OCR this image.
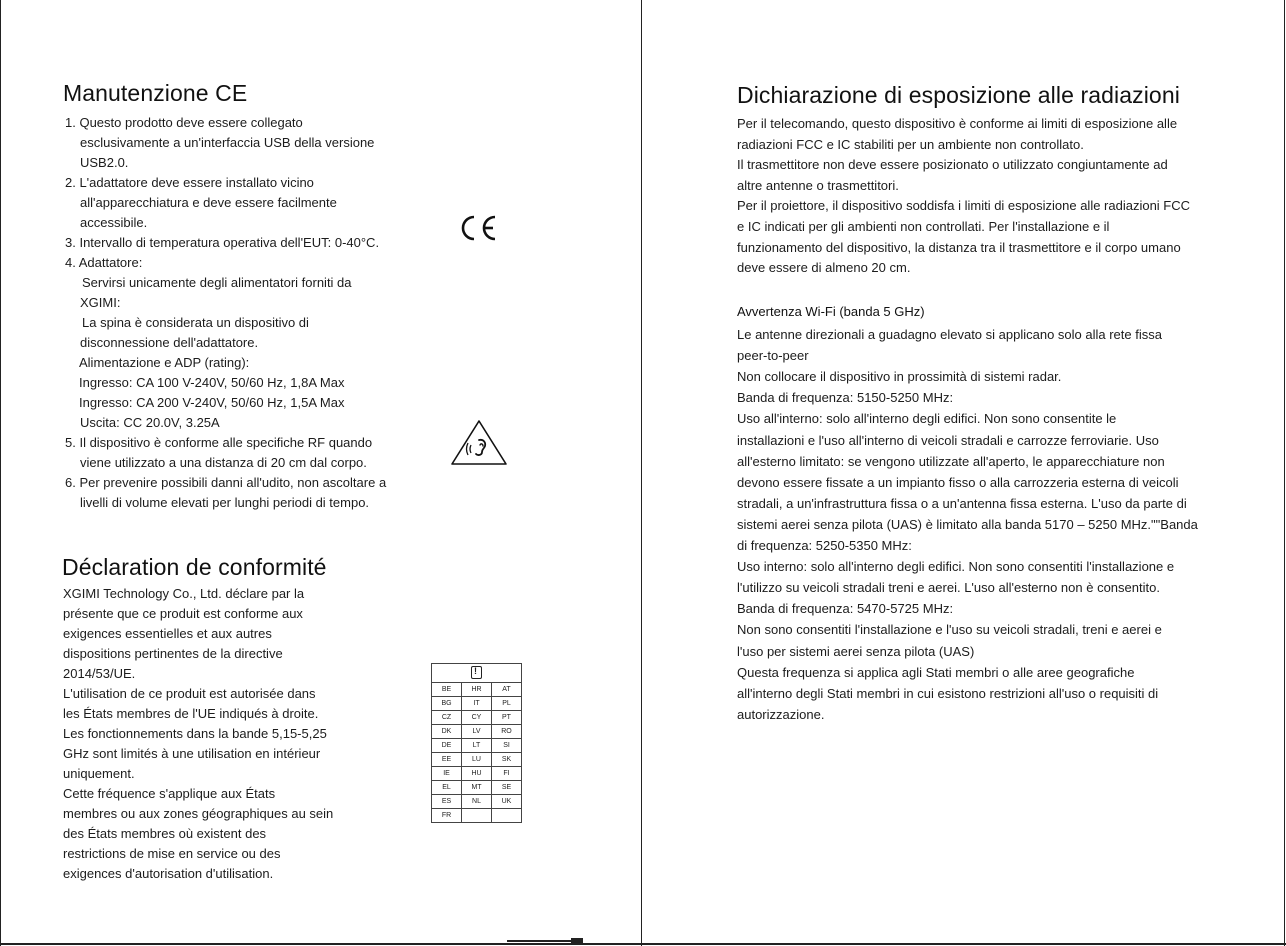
Manutenzione CE
1. Questo prodotto deve essere collegato
esclusivamente a un'interfaccia USB della versione
USB2.0.
2. L'adattatore deve essere installato vicino
all'apparecchiatura e deve essere facilmente
accessibile.
3. Intervallo di temperatura operativa dell'EUT: 0-40°C.
4. Adattatore:
Servirsi unicamente degli alimentatori forniti da
XGIMI:
La spina è considerata un dispositivo di
disconnessione dell'adattatore.
Alimentazione e ADP (rating):
Ingresso: CA 100 V-240V, 50/60 Hz, 1,8A Max
Ingresso: CA 200 V-240V, 50/60 Hz, 1,5A Max
Uscita: CC 20.0V, 3.25A
5. Il dispositivo è conforme alle specifiche RF quando
viene utilizzato a una distanza di 20 cm dal corpo.
6. Per prevenire possibili danni all'udito, non ascoltare a
livelli di volume elevati per lunghi periodi di tempo.
Déclaration de conformité
XGIMI Technology Co., Ltd. déclare par la
présente que ce produit est conforme aux
exigences essentielles et aux autres
dispositions pertinentes de la directive
2014/53/UE.
L'utilisation de ce produit est autorisée dans
les États membres de l'UE indiqués à droite.
Les fonctionnements dans la bande 5,15-5,25
GHz sont limités à une utilisation en intérieur
uniquement.
Cette fréquence s'applique aux États
membres ou aux zones géographiques au sein
des États membres où existent des
restrictions de mise en service ou des
exigences d'autorisation d'utilisation.
!
BE	HR	AT
BG	IT	PL
CZ	CY	PT
DK	LV	RO
DE	LT	SI
EE	LU	SK
IE	HU	FI
EL	MT	SE
ES	NL	UK
FR		
Dichiarazione di esposizione alle radiazioni
Per il telecomando, questo dispositivo è conforme ai limiti di esposizione alle
radiazioni FCC e IC stabiliti per un ambiente non controllato.
Il trasmettitore non deve essere posizionato o utilizzato congiuntamente ad
altre antenne o trasmettitori.
Per il proiettore, il dispositivo soddisfa i limiti di esposizione alle radiazioni FCC
e IC indicati per gli ambienti non controllati. Per l'installazione e il
funzionamento del dispositivo, la distanza tra il trasmettitore e il corpo umano
deve essere di almeno 20 cm.
Avvertenza Wi-Fi (banda 5 GHz)
Le antenne direzionali a guadagno elevato si applicano solo alla rete fissa
peer-to-peer
Non collocare il dispositivo in prossimità di sistemi radar.
Banda di frequenza: 5150-5250 MHz:
Uso all'interno: solo all'interno degli edifici. Non sono consentite le
installazioni e l'uso all'interno di veicoli stradali e carrozze ferroviarie. Uso
all'esterno limitato: se vengono utilizzate all'aperto, le apparecchiature non
devono essere fissate a un impianto fisso o alla carrozzeria esterna di veicoli
stradali, a un'infrastruttura fissa o a un'antenna fissa esterna. L'uso da parte di
sistemi aerei senza pilota (UAS) è limitato alla banda 5170 – 5250 MHz.""Banda
di frequenza: 5250-5350 MHz:
Uso interno: solo all'interno degli edifici. Non sono consentiti l'installazione e
l'utilizzo su veicoli stradali treni e aerei. L'uso all'esterno non è consentito.
Banda di frequenza: 5470-5725 MHz:
Non sono consentiti l'installazione e l'uso su veicoli stradali, treni e aerei e
l'uso per sistemi aerei senza pilota (UAS)
Questa frequenza si applica agli Stati membri o alle aree geografiche
all'interno degli Stati membri in cui esistono restrizioni all'uso o requisiti di
autorizzazione.
